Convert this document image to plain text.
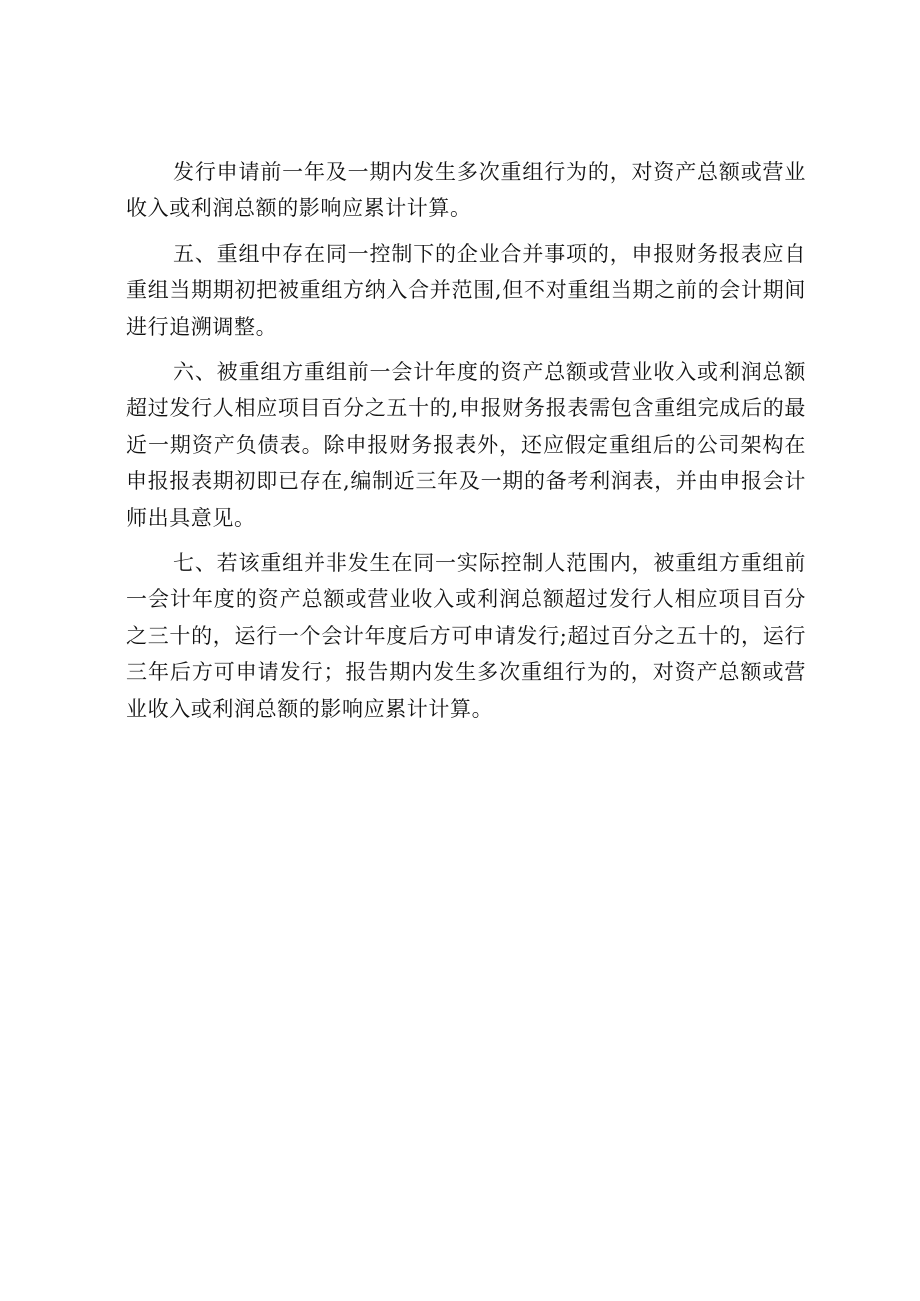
发行申请前一年及一期内发生多次重组行为的，对资产总额或营业收入或利润总额的影响应累计计算。

五、重组中存在同一控制下的企业合并事项的，申报财务报表应自重组当期期初把被重组方纳入合并范围,但不对重组当期之前的会计期间进行追溯调整。

六、被重组方重组前一会计年度的资产总额或营业收入或利润总额超过发行人相应项目百分之五十的,申报财务报表需包含重组完成后的最近一期资产负债表。除申报财务报表外，还应假定重组后的公司架构在申报报表期初即已存在,编制近三年及一期的备考利润表，并由申报会计师出具意见。

七、若该重组并非发生在同一实际控制人范围内，被重组方重组前一会计年度的资产总额或营业收入或利润总额超过发行人相应项目百分之三十的，运行一个会计年度后方可申请发行;超过百分之五十的，运行三年后方可申请发行；报告期内发生多次重组行为的，对资产总额或营业收入或利润总额的影响应累计计算。
